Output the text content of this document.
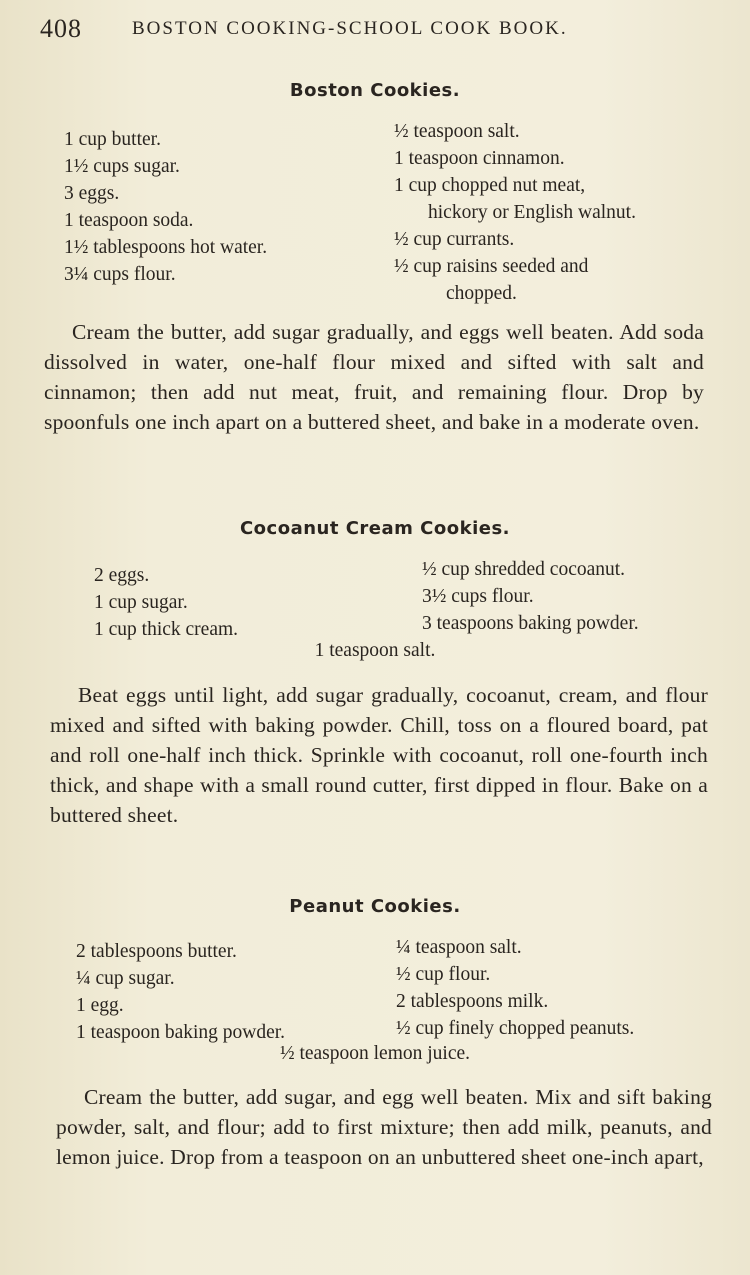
408	BOSTON COOKING-SCHOOL COOK BOOK.
Boston Cookies.
1 cup butter.
1½ cups sugar.
3 eggs.
1 teaspoon soda.
1½ tablespoons hot water.
3¼ cups flour.
½ teaspoon salt.
1 teaspoon cinnamon.
1 cup chopped nut meat,
hickory or English walnut.
½ cup currants.
½ cup raisins seeded and
chopped.

Cream the butter, add sugar gradually, and eggs well beaten. Add soda dissolved in water, one-half flour mixed and sifted with salt and cinnamon; then add nut meat, fruit, and remaining flour. Drop by spoonfuls one inch apart on a buttered sheet, and bake in a moderate oven.

Cocoanut Cream Cookies.
2 eggs.
1 cup sugar.
1 cup thick cream.
½ cup shredded cocoanut.
3½ cups flour.
3 teaspoons baking powder.
1 teaspoon salt.

Beat eggs until light, add sugar gradually, cocoanut, cream, and flour mixed and sifted with baking powder. Chill, toss on a floured board, pat and roll one-half inch thick. Sprinkle with cocoanut, roll one-fourth inch thick, and shape with a small round cutter, first dipped in flour. Bake on a buttered sheet.

Peanut Cookies.
2 tablespoons butter.
¼ cup sugar.
1 egg.
1 teaspoon baking powder.
¼ teaspoon salt.
½ cup flour.
2 tablespoons milk.
½ cup finely chopped peanuts.
½ teaspoon lemon juice.

Cream the butter, add sugar, and egg well beaten. Mix and sift baking powder, salt, and flour; add to first mixture; then add milk, peanuts, and lemon juice. Drop from a teaspoon on an unbuttered sheet one-inch apart,
